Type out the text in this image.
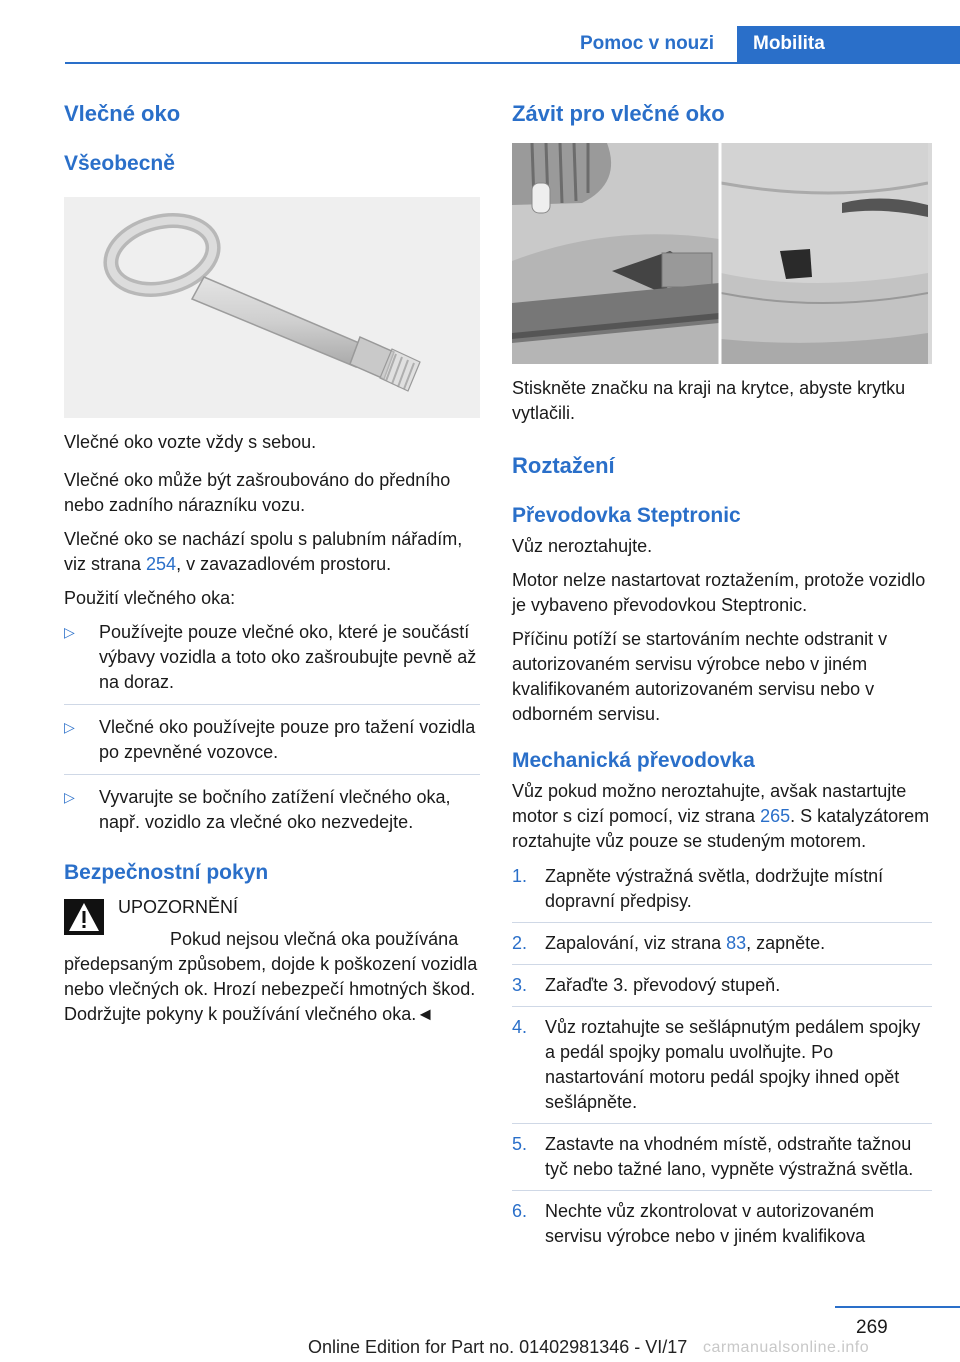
Pomoc v nouzi	Mobilita
Vlečné oko
Všeobecně

Vlečné oko vozte vždy s sebou.

Vlečné oko může být zašroubováno do předního nebo zadního nárazníku vozu.

Vlečné oko se nachází spolu s palubním nářadím, viz strana 254, v zavazadlovém prostoru.

Použití vlečného oka:

▷ Používejte pouze vlečné oko, které je součástí výbavy vozidla a toto oko zašroubujte pevně až na doraz.
▷ Vlečné oko používejte pouze pro tažení vozidla po zpevněné vozovce.
▷ Vyvarujte se bočního zatížení vlečného oka, např. vozidlo za vlečné oko nezvedejte.
Bezpečnostní pokyn

UPOZORNĚNÍ

Pokud nejsou vlečná oka používána předepsaným způsobem, dojde k poškození vozidla nebo vlečných ok. Hrozí nebezpečí hmotných škod. Dodržujte pokyny k používání vlečného oka.◄

Závit pro vlečné oko

Stiskněte značku na kraji na krytce, abyste krytku vytlačili.

Roztažení
Převodovka Steptronic

Vůz neroztahujte.

Motor nelze nastartovat roztažením, protože vozidlo je vybaveno převodovkou Steptronic.

Příčinu potíží se startováním nechte odstranit v autorizovaném servisu výrobce nebo v jiném kvalifikovaném autorizovaném servisu nebo v odborném servisu.

Mechanická převodovka

Vůz pokud možno neroztahujte, avšak nastartujte motor s cizí pomocí, viz strana 265. S katalyzátorem roztahujte vůz pouze se studeným motorem.

1. Zapněte výstražná světla, dodržujte místní dopravní předpisy.
2. Zapalování, viz strana 83, zapněte.
3. Zařaďte 3. převodový stupeň.
4. Vůz roztahujte se sešlápnutým pedálem spojky a pedál spojky pomalu uvolňujte. Po nastartování motoru pedál spojky ihned opět sešlápněte.
5. Zastavte na vhodném místě, odstraňte tažnou tyč nebo tažné lano, vypněte výstražná světla.
6. Nechte vůz zkontrolovat v autorizovaném servisu výrobce nebo v jiném kvalifikova
269
Online Edition for Part no. 01402981346 - VI/17 carmanualsonline.info
